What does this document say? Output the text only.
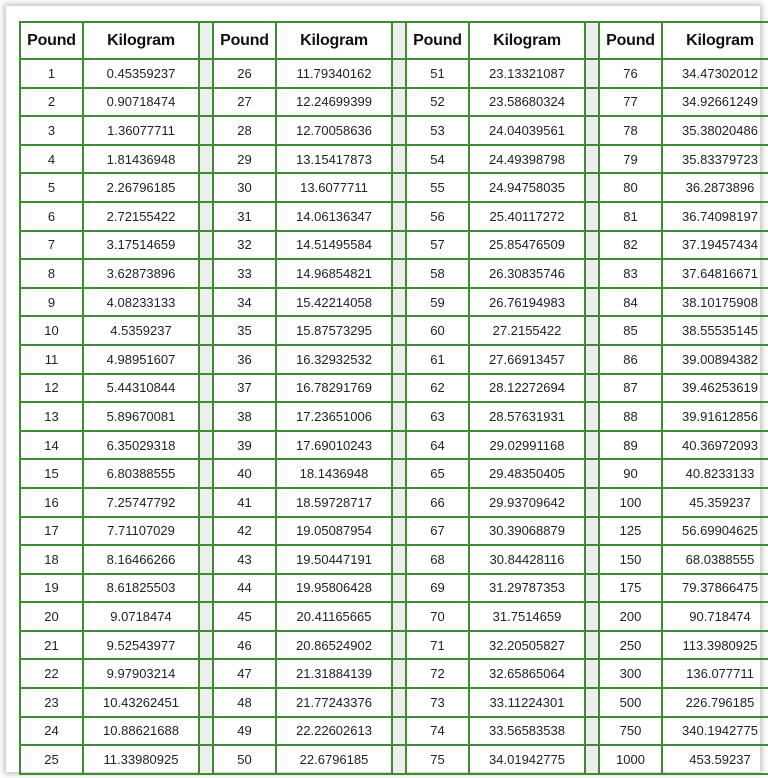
Pound	Kilogram		Pound	Kilogram		Pound	Kilogram		Pound	Kilogram
1	0.45359237		26	11.79340162		51	23.13321087		76	34.47302012
2	0.90718474		27	12.24699399		52	23.58680324		77	34.92661249
3	1.36077711		28	12.70058636		53	24.04039561		78	35.38020486
4	1.81436948		29	13.15417873		54	24.49398798		79	35.83379723
5	2.26796185		30	13.6077711		55	24.94758035		80	36.2873896
6	2.72155422		31	14.06136347		56	25.40117272		81	36.74098197
7	3.17514659		32	14.51495584		57	25.85476509		82	37.19457434
8	3.62873896		33	14.96854821		58	26.30835746		83	37.64816671
9	4.08233133		34	15.42214058		59	26.76194983		84	38.10175908
10	4.5359237		35	15.87573295		60	27.2155422		85	38.55535145
11	4.98951607		36	16.32932532		61	27.66913457		86	39.00894382
12	5.44310844		37	16.78291769		62	28.12272694		87	39.46253619
13	5.89670081		38	17.23651006		63	28.57631931		88	39.91612856
14	6.35029318		39	17.69010243		64	29.02991168		89	40.36972093
15	6.80388555		40	18.1436948		65	29.48350405		90	40.8233133
16	7.25747792		41	18.59728717		66	29.93709642		100	45.359237
17	7.71107029		42	19.05087954		67	30.39068879		125	56.69904625
18	8.16466266		43	19.50447191		68	30.84428116		150	68.0388555
19	8.61825503		44	19.95806428		69	31.29787353		175	79.37866475
20	9.0718474		45	20.41165665		70	31.7514659		200	90.718474
21	9.52543977		46	20.86524902		71	32.20505827		250	113.3980925
22	9.97903214		47	21.31884139		72	32.65865064		300	136.077711
23	10.43262451		48	21.77243376		73	33.11224301		500	226.796185
24	10.88621688		49	22.22602613		74	33.56583538		750	340.1942775
25	11.33980925		50	22.6796185		75	34.01942775		1000	453.59237
